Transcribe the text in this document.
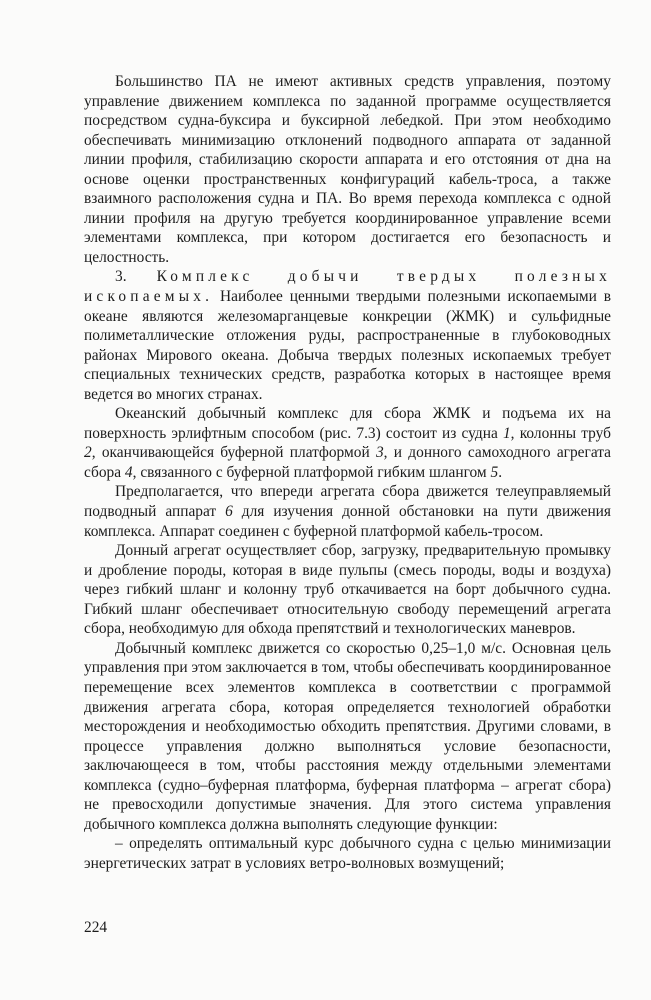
Большинство ПА не имеют активных средств управления, поэтому управление движением комплекса по заданной программе осуществляется посредством судна-буксира и буксирной лебедкой. При этом необходимо обеспечивать минимизацию отклонений подводного аппарата от заданной линии профиля, стабилизацию скорости аппарата и его отстояния от дна на основе оценки пространственных конфигураций кабель-троса, а также взаимного расположения судна и ПА. Во время перехода комплекса с одной линии профиля на другую требуется координированное управление всеми элементами комплекса, при котором достигается его безопасность и целостность.

3. Комплекс добычи твердых полезных ископаемых. Наиболее ценными твердыми полезными ископаемыми в океане являются железомарганцевые конкреции (ЖМК) и сульфидные полиметаллические отложения руды, распространенные в глубоководных районах Мирового океана. Добыча твердых полезных ископаемых требует специальных технических средств, разработка которых в настоящее время ведется во многих странах.

Океанский добычный комплекс для сбора ЖМК и подъема их на поверхность эрлифтным способом (рис. 7.3) состоит из судна 1, колонны труб 2, оканчивающейся буферной платформой 3, и донного самоходного агрегата сбора 4, связанного с буферной платформой гибким шлангом 5.

Предполагается, что впереди агрегата сбора движется телеуправляемый подводный аппарат 6 для изучения донной обстановки на пути движения комплекса. Аппарат соединен с буферной платформой кабель-тросом.

Донный агрегат осуществляет сбор, загрузку, предварительную промывку и дробление породы, которая в виде пульпы (смесь породы, воды и воздуха) через гибкий шланг и колонну труб откачивается на борт добычного судна. Гибкий шланг обеспечивает относительную свободу перемещений агрегата сбора, необходимую для обхода препятствий и технологических маневров.

Добычный комплекс движется со скоростью 0,25–1,0 м/с. Основная цель управления при этом заключается в том, чтобы обеспечивать координированное перемещение всех элементов комплекса в соответствии с программой движения агрегата сбора, которая определяется технологией обработки месторождения и необходимостью обходить препятствия. Другими словами, в процессе управления должно выполняться условие безопасности, заключающееся в том, чтобы расстояния между отдельными элементами комплекса (судно–буферная платформа, буферная платформа – агрегат сбора) не превосходили допустимые значения. Для этого система управления добычного комплекса должна выполнять следующие функции:

– определять оптимальный курс добычного судна с целью минимизации энергетических затрат в условиях ветро-волновых возмущений;

224
